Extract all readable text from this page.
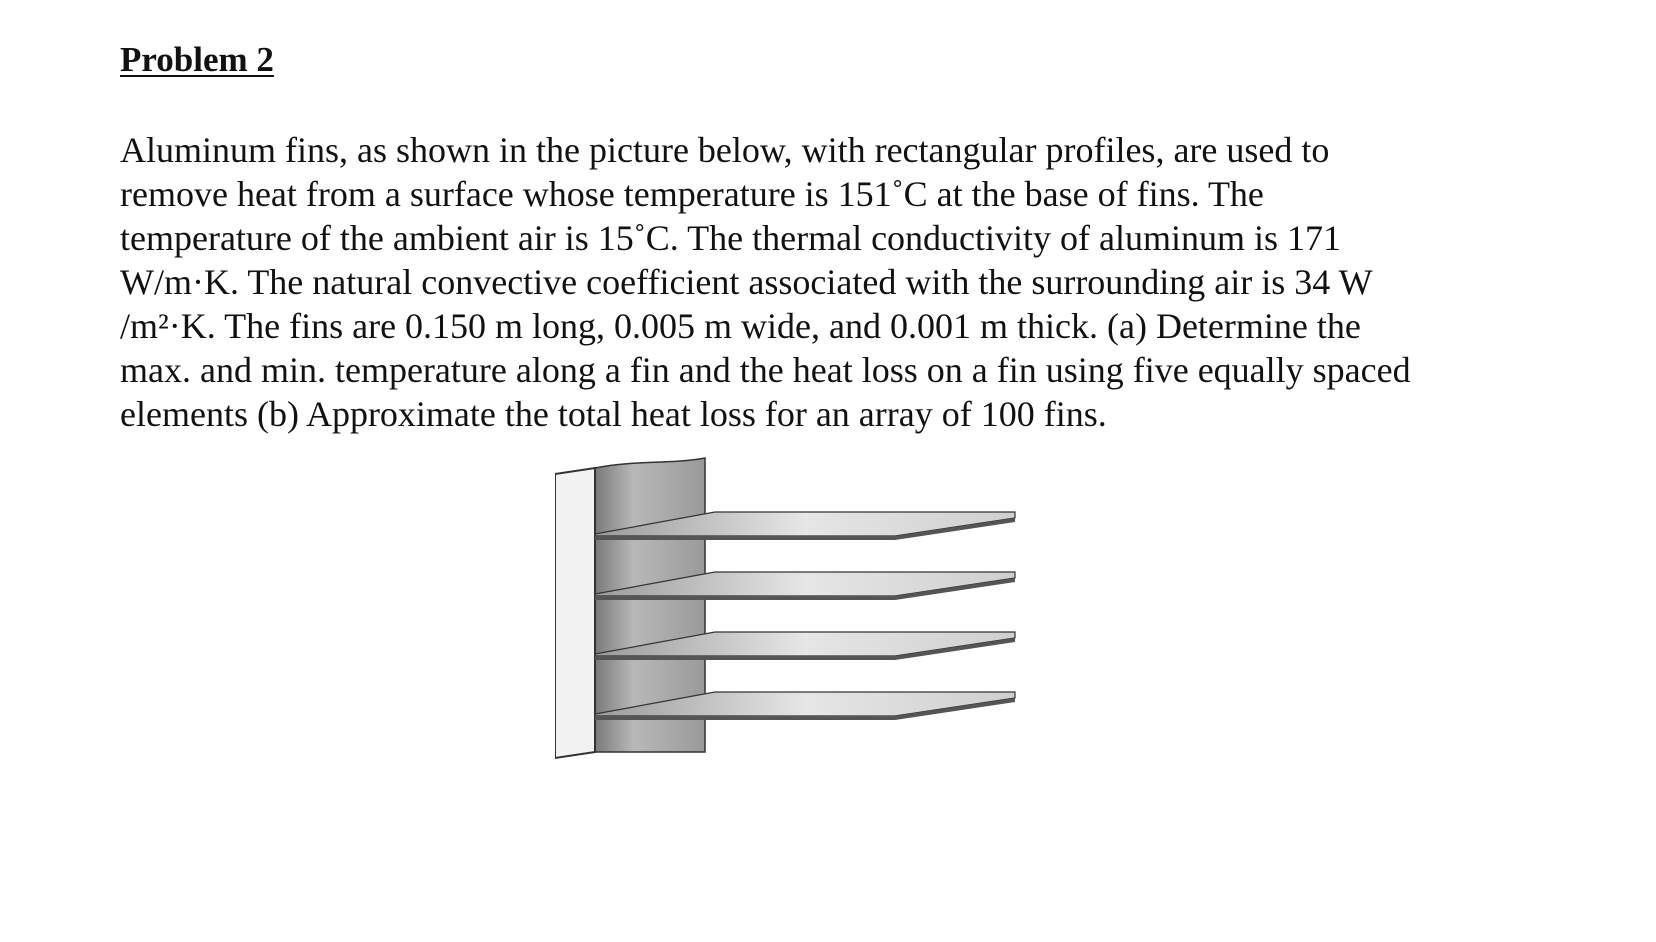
Problem 2
Aluminum fins, as shown in the picture below, with rectangular profiles, are used to
remove heat from a surface whose temperature is 151˚C at the base of fins. The
temperature of the ambient air is 15˚C. The thermal conductivity of aluminum is 171
W/m·K. The natural convective coefficient associated with the surrounding air is 34 W
/m²·K. The fins are 0.150 m long, 0.005 m wide, and 0.001 m thick. (a) Determine the
max. and min. temperature along a fin and the heat loss on a fin using five equally spaced
elements (b) Approximate the total heat loss for an array of 100 fins.
